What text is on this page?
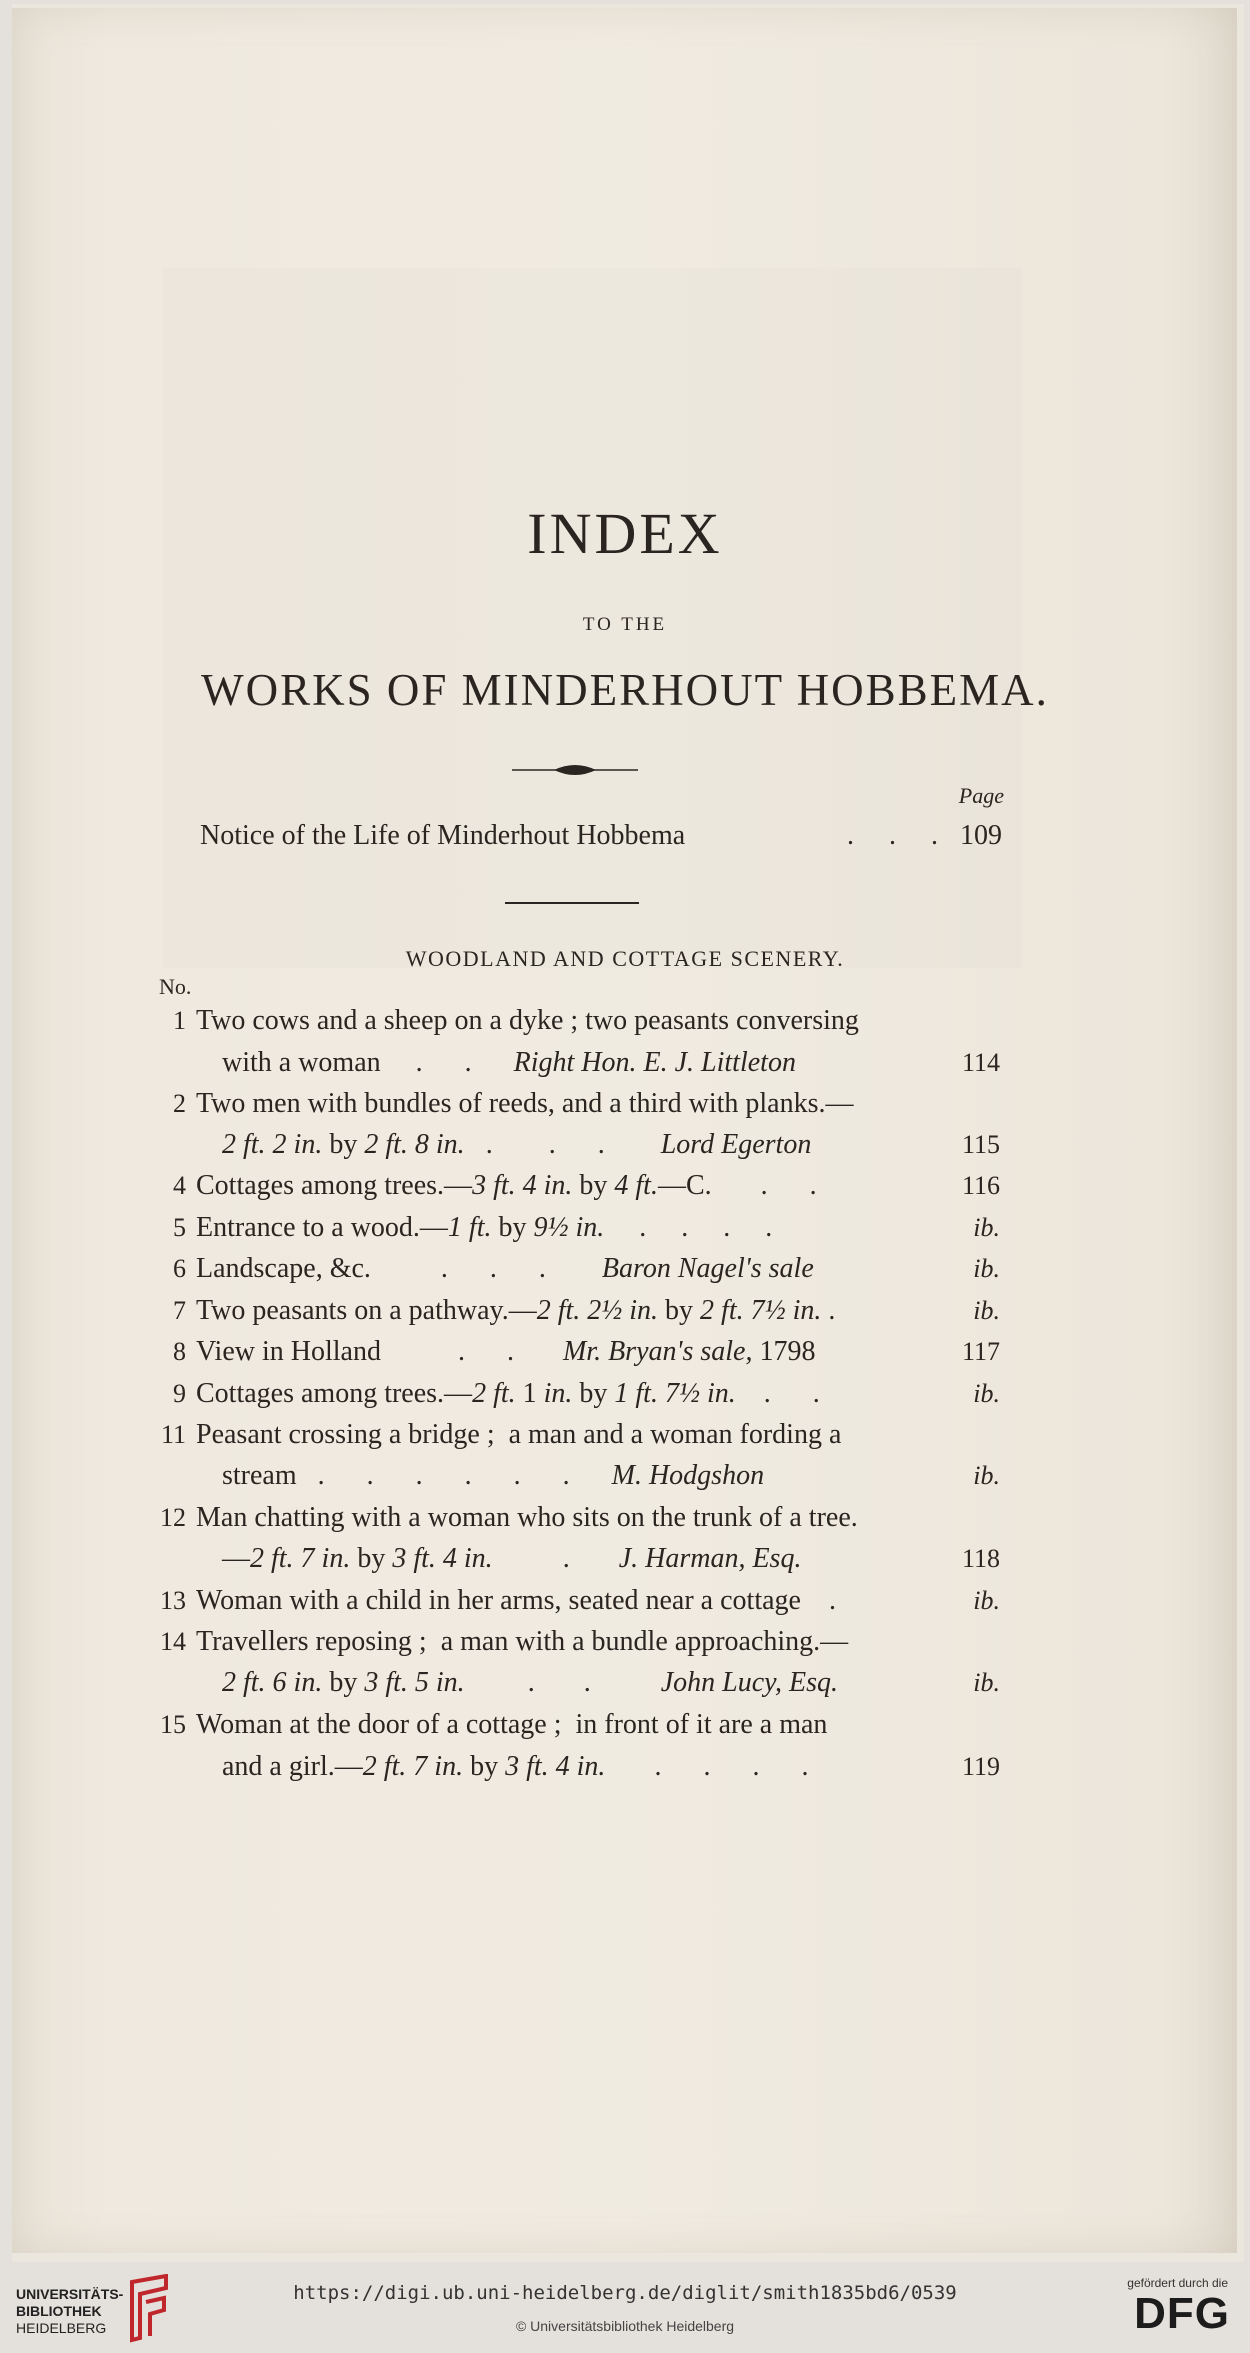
INDEX
TO THE
WORKS OF MINDERHOUT HOBBEMA.
Page
Notice of the Life of Minderhout Hobbema	. . . 109
WOODLAND AND COTTAGE SCENERY.
No.
1 Two cows and a sheep on a dyke ; two peasants conversing
with a woman     .      .      Right Hon. E. J. Littleton	114
2 Two men with bundles of reeds, and a third with planks.—
2 ft. 2 in. by 2 ft. 8 in.   .        .      .        Lord Egerton	115
4 Cottages among trees.—3 ft. 4 in. by 4 ft.—C.       .      .	116
5 Entrance to a wood.—1 ft. by 9½ in.     .     .     .     .	ib.
6 Landscape, &c.          .      .      .        Baron Nagel's sale	ib.
7 Two peasants on a pathway.—2 ft. 2½ in. by 2 ft. 7½ in. .	ib.
8 View in Holland           .      .       Mr. Bryan's sale, 1798	117
9 Cottages among trees.—2 ft. 1 in. by 1 ft. 7½ in.    .      .	ib.
11 Peasant crossing a bridge ;  a man and a woman fording a
stream   .      .      .      .      .      .      M. Hodgshon	ib.
12 Man chatting with a woman who sits on the trunk of a tree.
—2 ft. 7 in. by 3 ft. 4 in.          .       J. Harman, Esq.	118
13 Woman with a child in her arms, seated near a cottage    .	ib.
14 Travellers reposing ;  a man with a bundle approaching.—
2 ft. 6 in. by 3 ft. 5 in.         .       .          John Lucy, Esq.	ib.
15 Woman at the door of a cottage ;  in front of it are a man
and a girl.—2 ft. 7 in. by 3 ft. 4 in.       .      .      .      .	119
UNIVERSITÄTS-
BIBLIOTHEK
HEIDELBERG
https://digi.ub.uni-heidelberg.de/diglit/smith1835bd6/0539
© Universitätsbibliothek Heidelberg
gefördert durch die
DFG
